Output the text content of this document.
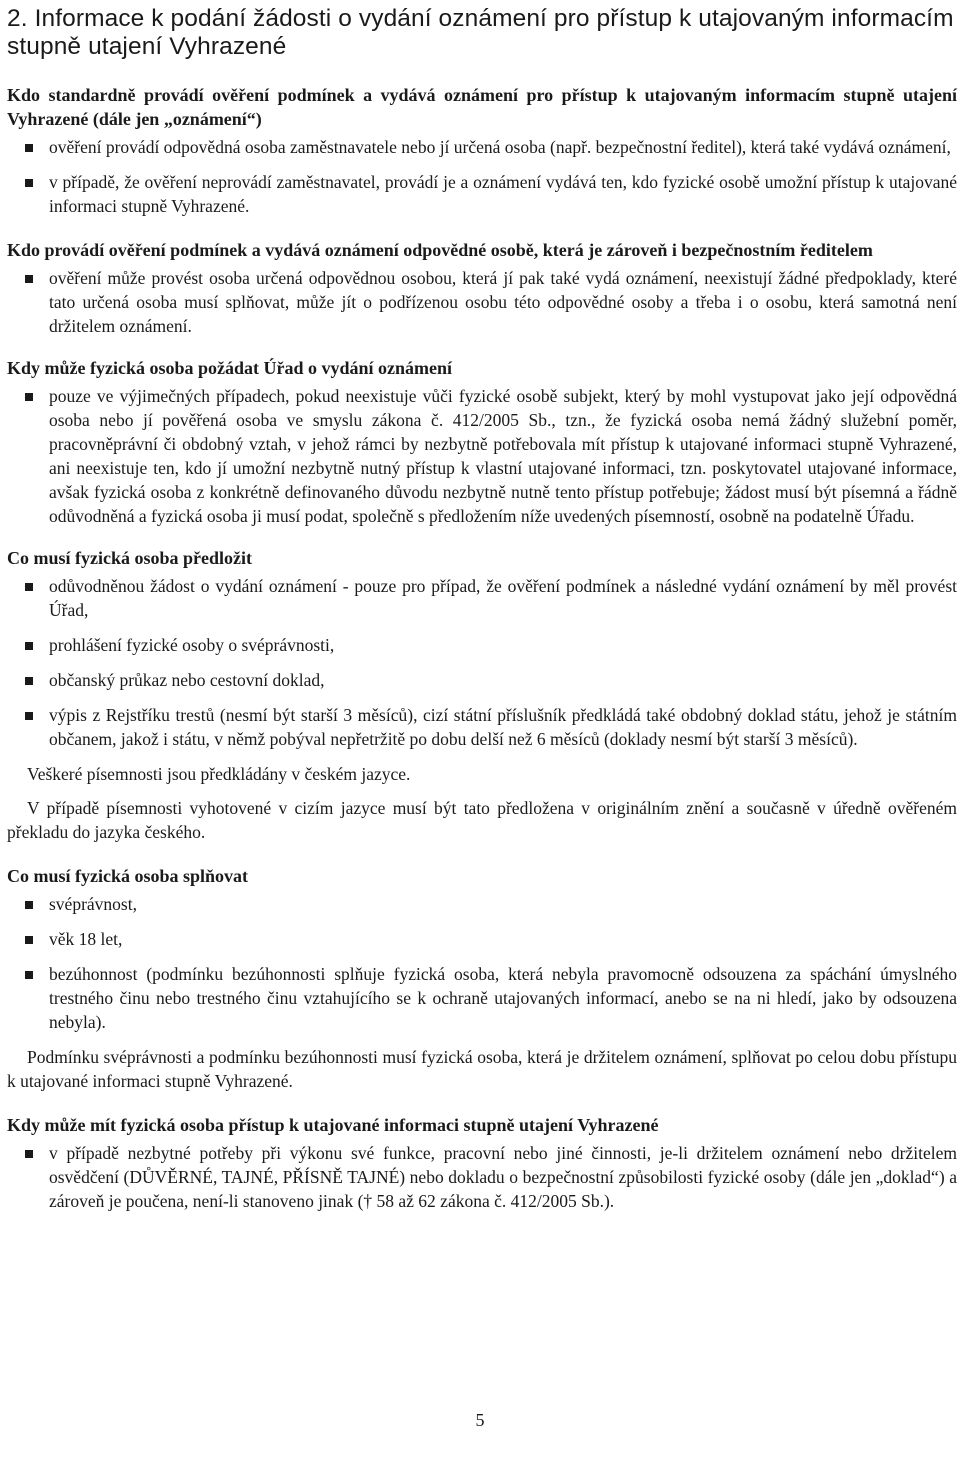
2. Informace k podání žádosti o vydání oznámení pro přístup k utajovaným informacím stupně utajení Vyhrazené
Kdo standardně provádí ověření podmínek a vydává oznámení pro přístup k utajovaným informacím stupně utajení Vyhrazené (dále jen „oznámení“)
ověření provádí odpovědná osoba zaměstnavatele nebo jí určená osoba (např. bezpečnostní ředitel), která také vydává oznámení,
v případě, že ověření neprovádí zaměstnavatel, provádí je a oznámení vydává ten, kdo fyzické osobě umožní přístup k utajované informaci stupně Vyhrazené.
Kdo provádí ověření podmínek a vydává oznámení odpovědné osobě, která je zároveň i bezpečnostním ředitelem
ověření může provést osoba určená odpovědnou osobou, která jí pak také vydá oznámení, neexistují žádné předpoklady, které tato určená osoba musí splňovat, může jít o podřízenou osobu této odpovědné osoby a třeba i o osobu, která samotná není držitelem oznámení.
Kdy může fyzická osoba požádat Úřad o vydání oznámení
pouze ve výjimečných případech, pokud neexistuje vůči fyzické osobě subjekt, který by mohl vystupovat jako její odpovědná osoba nebo jí pověřená osoba ve smyslu zákona č. 412/2005 Sb., tzn., že fyzická osoba nemá žádný služební poměr, pracovněprávní či obdobný vztah, v jehož rámci by nezbytně potřebovala mít přístup k utajované informaci stupně Vyhrazené, ani neexistuje ten, kdo jí umožní nezbytně nutný přístup k vlastní utajované informaci, tzn. poskytovatel utajované informace, avšak fyzická osoba z konkrétně definovaného důvodu nezbytně nutně tento přístup potřebuje; žádost musí být písemná a řádně odůvodněná a fyzická osoba ji musí podat, společně s předložením níže uvedených písemností, osobně na podatelně Úřadu.
Co musí fyzická osoba předložit
odůvodněnou žádost o vydání oznámení - pouze pro případ, že ověření podmínek a následné vydání oznámení by měl provést Úřad,
prohlášení fyzické osoby o svéprávnosti,
občanský průkaz nebo cestovní doklad,
výpis z Rejstříku trestů (nesmí být starší 3 měsíců), cizí státní příslušník předkládá také obdobný doklad státu, jehož je státním občanem, jakož i státu, v němž pobýval nepřetržitě po dobu delší než 6 měsíců (doklady nesmí být starší 3 měsíců).

Veškeré písemnosti jsou předkládány v českém jazyce.

V případě písemnosti vyhotovené v cizím jazyce musí být tato předložena v originálním znění a současně v úředně ověřeném překladu do jazyka českého.

Co musí fyzická osoba splňovat
svéprávnost,
věk 18 let,
bezúhonnost (podmínku bezúhonnosti splňuje fyzická osoba, která nebyla pravomocně odsouzena za spáchání úmyslného trestného činu nebo trestného činu vztahujícího se k ochraně utajovaných informací, anebo se na ni hledí, jako by odsouzena nebyla).

Podmínku svéprávnosti a podmínku bezúhonnosti musí fyzická osoba, která je držitelem oznámení, splňovat po celou dobu přístupu k utajované informaci stupně Vyhrazené.

Kdy může mít fyzická osoba přístup k utajované informaci stupně utajení Vyhrazené
v případě nezbytné potřeby při výkonu své funkce, pracovní nebo jiné činnosti, je-li držitelem oznámení nebo držitelem osvědčení (DŮVĚRNÉ, TAJNÉ, PŘÍSNĚ TAJNÉ) nebo dokladu o bezpečnostní způsobilosti fyzické osoby (dále jen „doklad“) a zároveň je poučena, není-li stanoveno jinak († 58 až 62 zákona č. 412/2005 Sb.).
5
